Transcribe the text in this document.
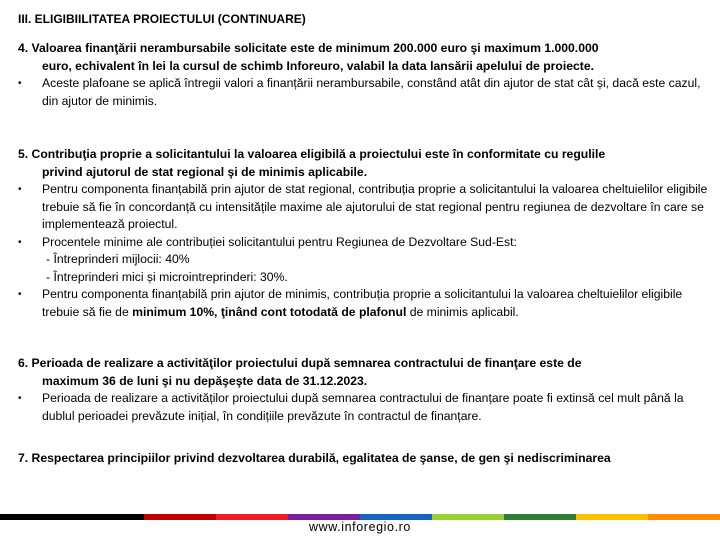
III. ELIGIBIILITATEA PROIECTULUI (CONTINUARE)
4. Valoarea finanţării nerambursabile solicitate este de minimum 200.000 euro şi maximum 1.000.000
euro, echivalent în lei la cursul de schimb Inforeuro, valabil la data lansării apelului de proiecte.
• Aceste plafoane se aplică întregii valori a finanțării nerambursabile, constând atât din ajutor de stat cât și, dacă este cazul, din ajutor de minimis.
5. Contribuţia proprie a solicitantului la valoarea eligibilă a proiectului este în conformitate cu regulile
privind ajutorul de stat regional şi de minimis aplicabile.
• Pentru componenta finanțabilă prin ajutor de stat regional, contribuția proprie a solicitantului la valoarea cheltuielilor eligibile trebuie să fie în concordanță cu intensitățile maxime ale ajutorului de stat regional pentru regiunea de dezvoltare în care se implementează proiectul.
• Procentele minime ale contribuției solicitantului pentru Regiunea de Dezvoltare Sud-Est:
- Întreprinderi mijlocii: 40%
- Întreprinderi mici și microintreprinderi: 30%.
• Pentru componenta finanțabilă prin ajutor de minimis, contribuția proprie a solicitantului la valoarea cheltuielilor eligibile trebuie să fie de minimum 10%, ţinând cont totodată de plafonul de minimis aplicabil.
6. Perioada de realizare a activităţilor proiectului după semnarea contractului de finanţare este de
maximum 36 de luni şi nu depăşeşte data de 31.12.2023.
• Perioada de realizare a activităților proiectului după semnarea contractului de finanțare poate fi extinsă cel mult până la dublul perioadei prevăzute inițial, în condițiile prevăzute în contractul de finanțare.
7. Respectarea principiilor privind dezvoltarea durabilă, egalitatea de şanse, de gen şi nediscriminarea
www.inforegio.ro
